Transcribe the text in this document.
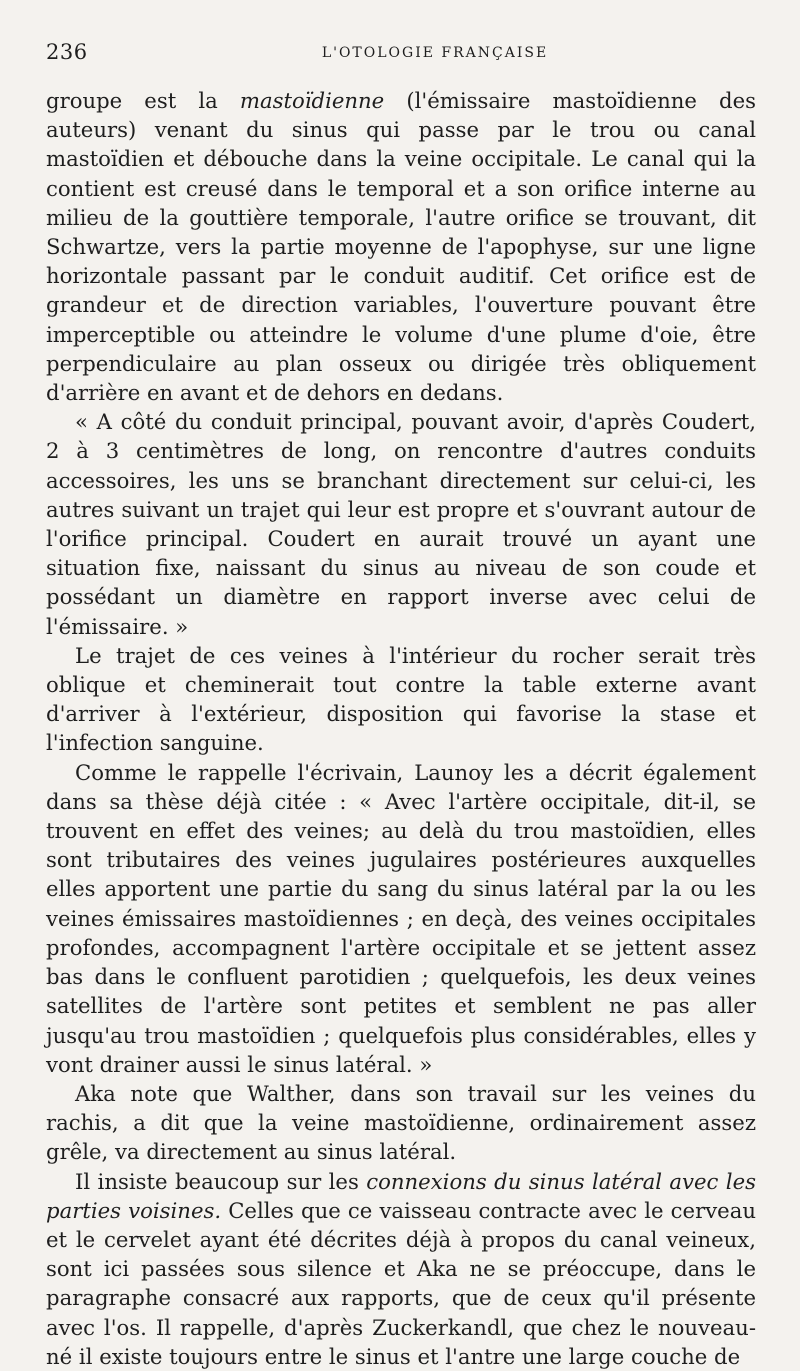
236	L'OTOLOGIE FRANÇAISE

groupe est la mastoïdienne (l'émissaire mastoïdienne des auteurs) venant du sinus qui passe par le trou ou canal mastoïdien et débouche dans la veine occipitale. Le canal qui la contient est creusé dans le temporal et a son orifice interne au milieu de la gouttière temporale, l'autre orifice se trouvant, dit Schwartze, vers la partie moyenne de l'apophyse, sur une ligne horizontale passant par le conduit auditif. Cet orifice est de grandeur et de direction variables, l'ouverture pouvant être imperceptible ou atteindre le volume d'une plume d'oie, être perpendiculaire au plan osseux ou dirigée très obliquement d'arrière en avant et de dehors en dedans.

« A côté du conduit principal, pouvant avoir, d'après Coudert, 2 à 3 centimètres de long, on rencontre d'autres conduits accessoires, les uns se branchant directement sur celui-ci, les autres suivant un trajet qui leur est propre et s'ouvrant autour de l'orifice principal. Coudert en aurait trouvé un ayant une situation fixe, naissant du sinus au niveau de son coude et possédant un diamètre en rapport inverse avec celui de l'émissaire. »

Le trajet de ces veines à l'intérieur du rocher serait très oblique et cheminerait tout contre la table externe avant d'arriver à l'extérieur, disposition qui favorise la stase et l'infection sanguine.

Comme le rappelle l'écrivain, Launoy les a décrit également dans sa thèse déjà citée : « Avec l'artère occipitale, dit-il, se trouvent en effet des veines; au delà du trou mastoïdien, elles sont tributaires des veines jugulaires postérieures auxquelles elles apportent une partie du sang du sinus latéral par la ou les veines émissaires mastoïdiennes ; en deçà, des veines occipitales profondes, accompagnent l'artère occipitale et se jettent assez bas dans le confluent parotidien ; quelquefois, les deux veines satellites de l'artère sont petites et semblent ne pas aller jusqu'au trou mastoïdien ; quelquefois plus considérables, elles y vont drainer aussi le sinus latéral. »

Aka note que Walther, dans son travail sur les veines du rachis, a dit que la veine mastoïdienne, ordinairement assez grêle, va directement au sinus latéral.

Il insiste beaucoup sur les connexions du sinus latéral avec les parties voisines. Celles que ce vaisseau contracte avec le cerveau et le cervelet ayant été décrites déjà à propos du canal veineux, sont ici passées sous silence et Aka ne se préoccupe, dans le paragraphe consacré aux rapports, que de ceux qu'il présente avec l'os. Il rappelle, d'après Zuckerkandl, que chez le nouveau-né il existe toujours entre le sinus et l'antre une large couche de
